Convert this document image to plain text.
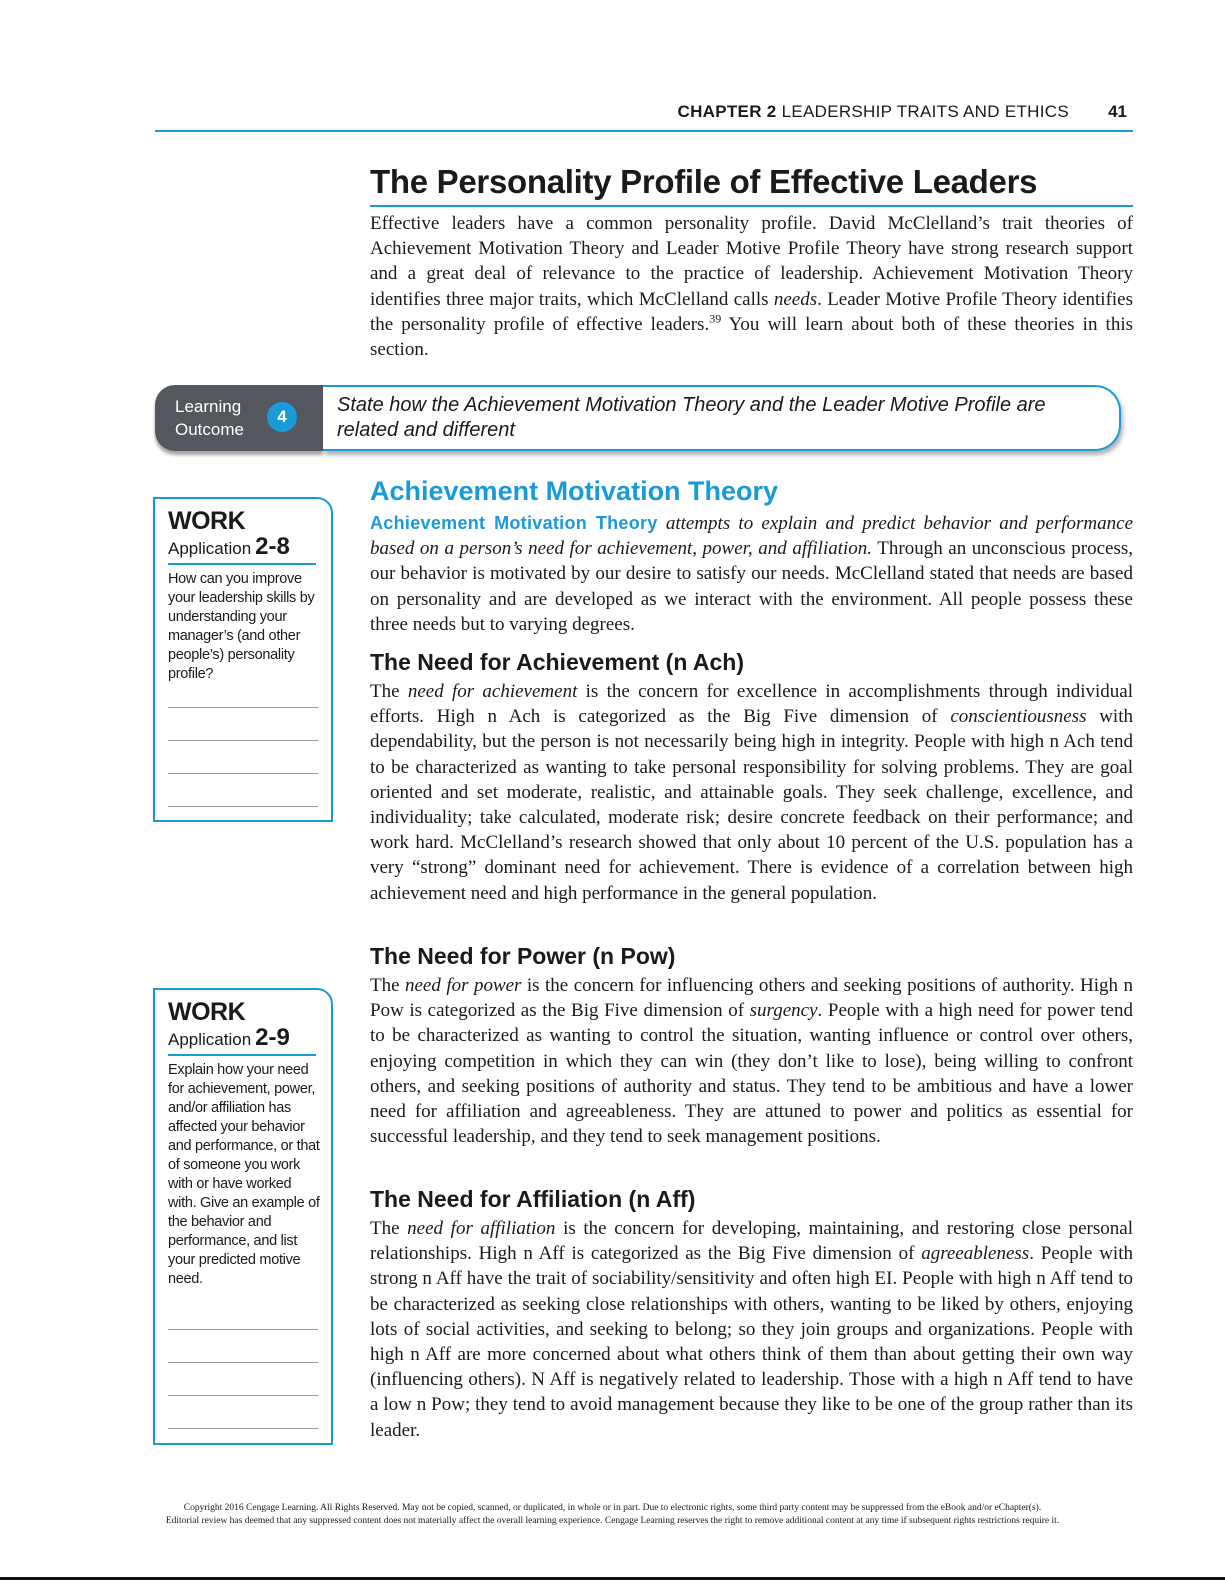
CHAPTER 2 LEADERSHIP TRAITS AND ETHICS 41
The Personality Profile of Effective Leaders

Effective leaders have a common personality profile. David McClelland’s trait theories of Achievement Motivation Theory and Leader Motive Profile Theory have strong research support and a great deal of relevance to the practice of leadership. Achievement Motivation Theory identifies three major traits, which McClelland calls needs. Leader Motive Profile Theory identifies the personality profile of effective leaders.$^{39}$ You will learn about both of these theories in this section.

Learning
Outcome
4
State how the Achievement Motivation Theory and the Leader Motive Profile are related and different
WORK
Application 2-8
How can you improve your leadership skills by understanding your manager’s (and other people’s) personality profile?
Achievement Motivation Theory

Achievement Motivation Theory attempts to explain and predict behavior and performance based on a person’s need for achievement, power, and affiliation. Through an unconscious process, our behavior is motivated by our desire to satisfy our needs. McClelland stated that needs are based on personality and are developed as we interact with the environment. All people possess these three needs but to varying degrees.

The Need for Achievement (n Ach)

The need for achievement is the concern for excellence in accomplishments through individual efforts. High n Ach is categorized as the Big Five dimension of conscientiousness with dependability, but the person is not necessarily being high in integrity. People with high n Ach tend to be characterized as wanting to take personal responsibility for solving problems. They are goal oriented and set moderate, realistic, and attainable goals. They seek challenge, excellence, and individuality; take calculated, moderate risk; desire concrete feedback on their performance; and work hard. McClelland’s research showed that only about 10 percent of the U.S. population has a very “strong” dominant need for achievement. There is evidence of a correlation between high achievement need and high performance in the general population.

The Need for Power (n Pow)

The need for power is the concern for influencing others and seeking positions of authority. High n Pow is categorized as the Big Five dimension of surgency. People with a high need for power tend to be characterized as wanting to control the situation, wanting influence or control over others, enjoying competition in which they can win (they don’t like to lose), being willing to confront others, and seeking positions of authority and status. They tend to be ambitious and have a lower need for affiliation and agreeableness. They are attuned to power and politics as essential for successful leadership, and they tend to seek management positions.

WORK
Application 2-9
Explain how your need for achievement, power, and/or affiliation has affected your behavior and performance, or that of someone you work with or have worked with. Give an example of the behavior and performance, and list your predicted motive need.
The Need for Affiliation (n Aff)

The need for affiliation is the concern for developing, maintaining, and restoring close personal relationships. High n Aff is categorized as the Big Five dimension of agreeableness. People with strong n Aff have the trait of sociability/sensitivity and often high EI. People with high n Aff tend to be characterized as seeking close relationships with others, wanting to be liked by others, enjoying lots of social activities, and seeking to belong; so they join groups and organizations. People with high n Aff are more concerned about what others think of them than about getting their own way (influencing others). N Aff is negatively related to leadership. Those with a high n Aff tend to have a low n Pow; they tend to avoid management because they like to be one of the group rather than its leader.

Copyright 2016 Cengage Learning. All Rights Reserved. May not be copied, scanned, or duplicated, in whole or in part. Due to electronic rights, some third party content may be suppressed from the eBook and/or eChapter(s).
Editorial review has deemed that any suppressed content does not materially affect the overall learning experience. Cengage Learning reserves the right to remove additional content at any time if subsequent rights restrictions require it.
